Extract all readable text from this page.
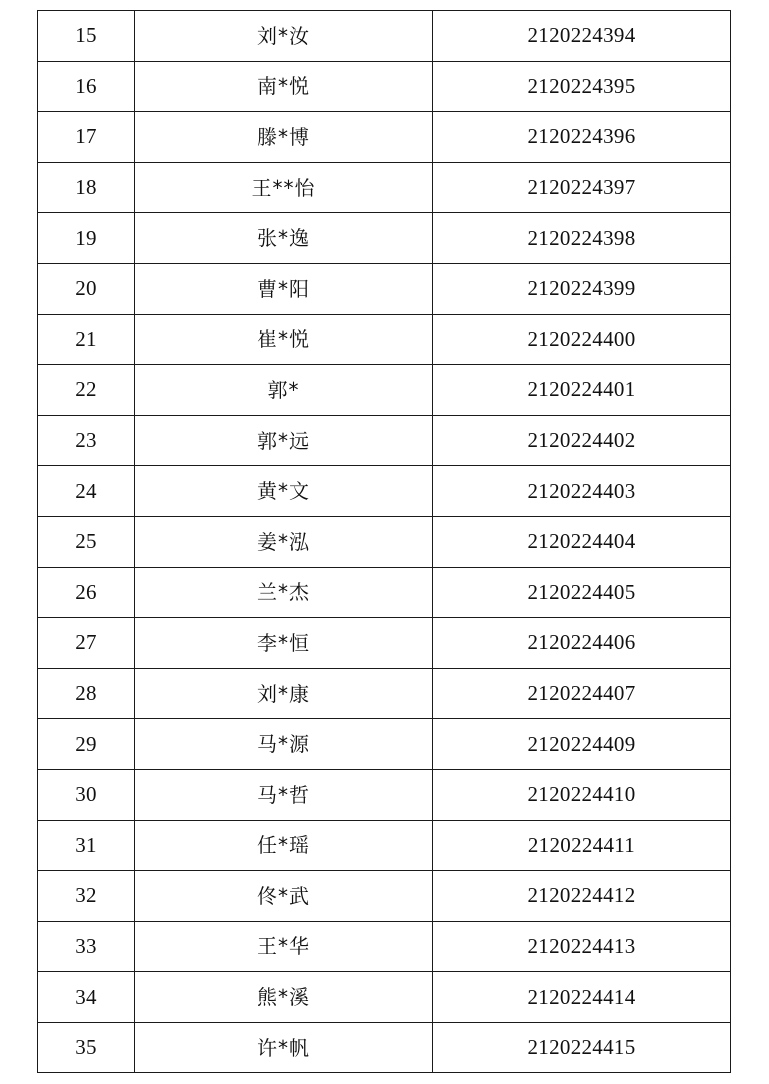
15	刘*汝	2120224394
16	南*悦	2120224395
17	滕*博	2120224396
18	王**怡	2120224397
19	张*逸	2120224398
20	曹*阳	2120224399
21	崔*悦	2120224400
22	郭*	2120224401
23	郭*远	2120224402
24	黄*文	2120224403
25	姜*泓	2120224404
26	兰*杰	2120224405
27	李*恒	2120224406
28	刘*康	2120224407
29	马*源	2120224409
30	马*哲	2120224410
31	任*瑶	2120224411
32	佟*武	2120224412
33	王*华	2120224413
34	熊*溪	2120224414
35	许*帆	2120224415
